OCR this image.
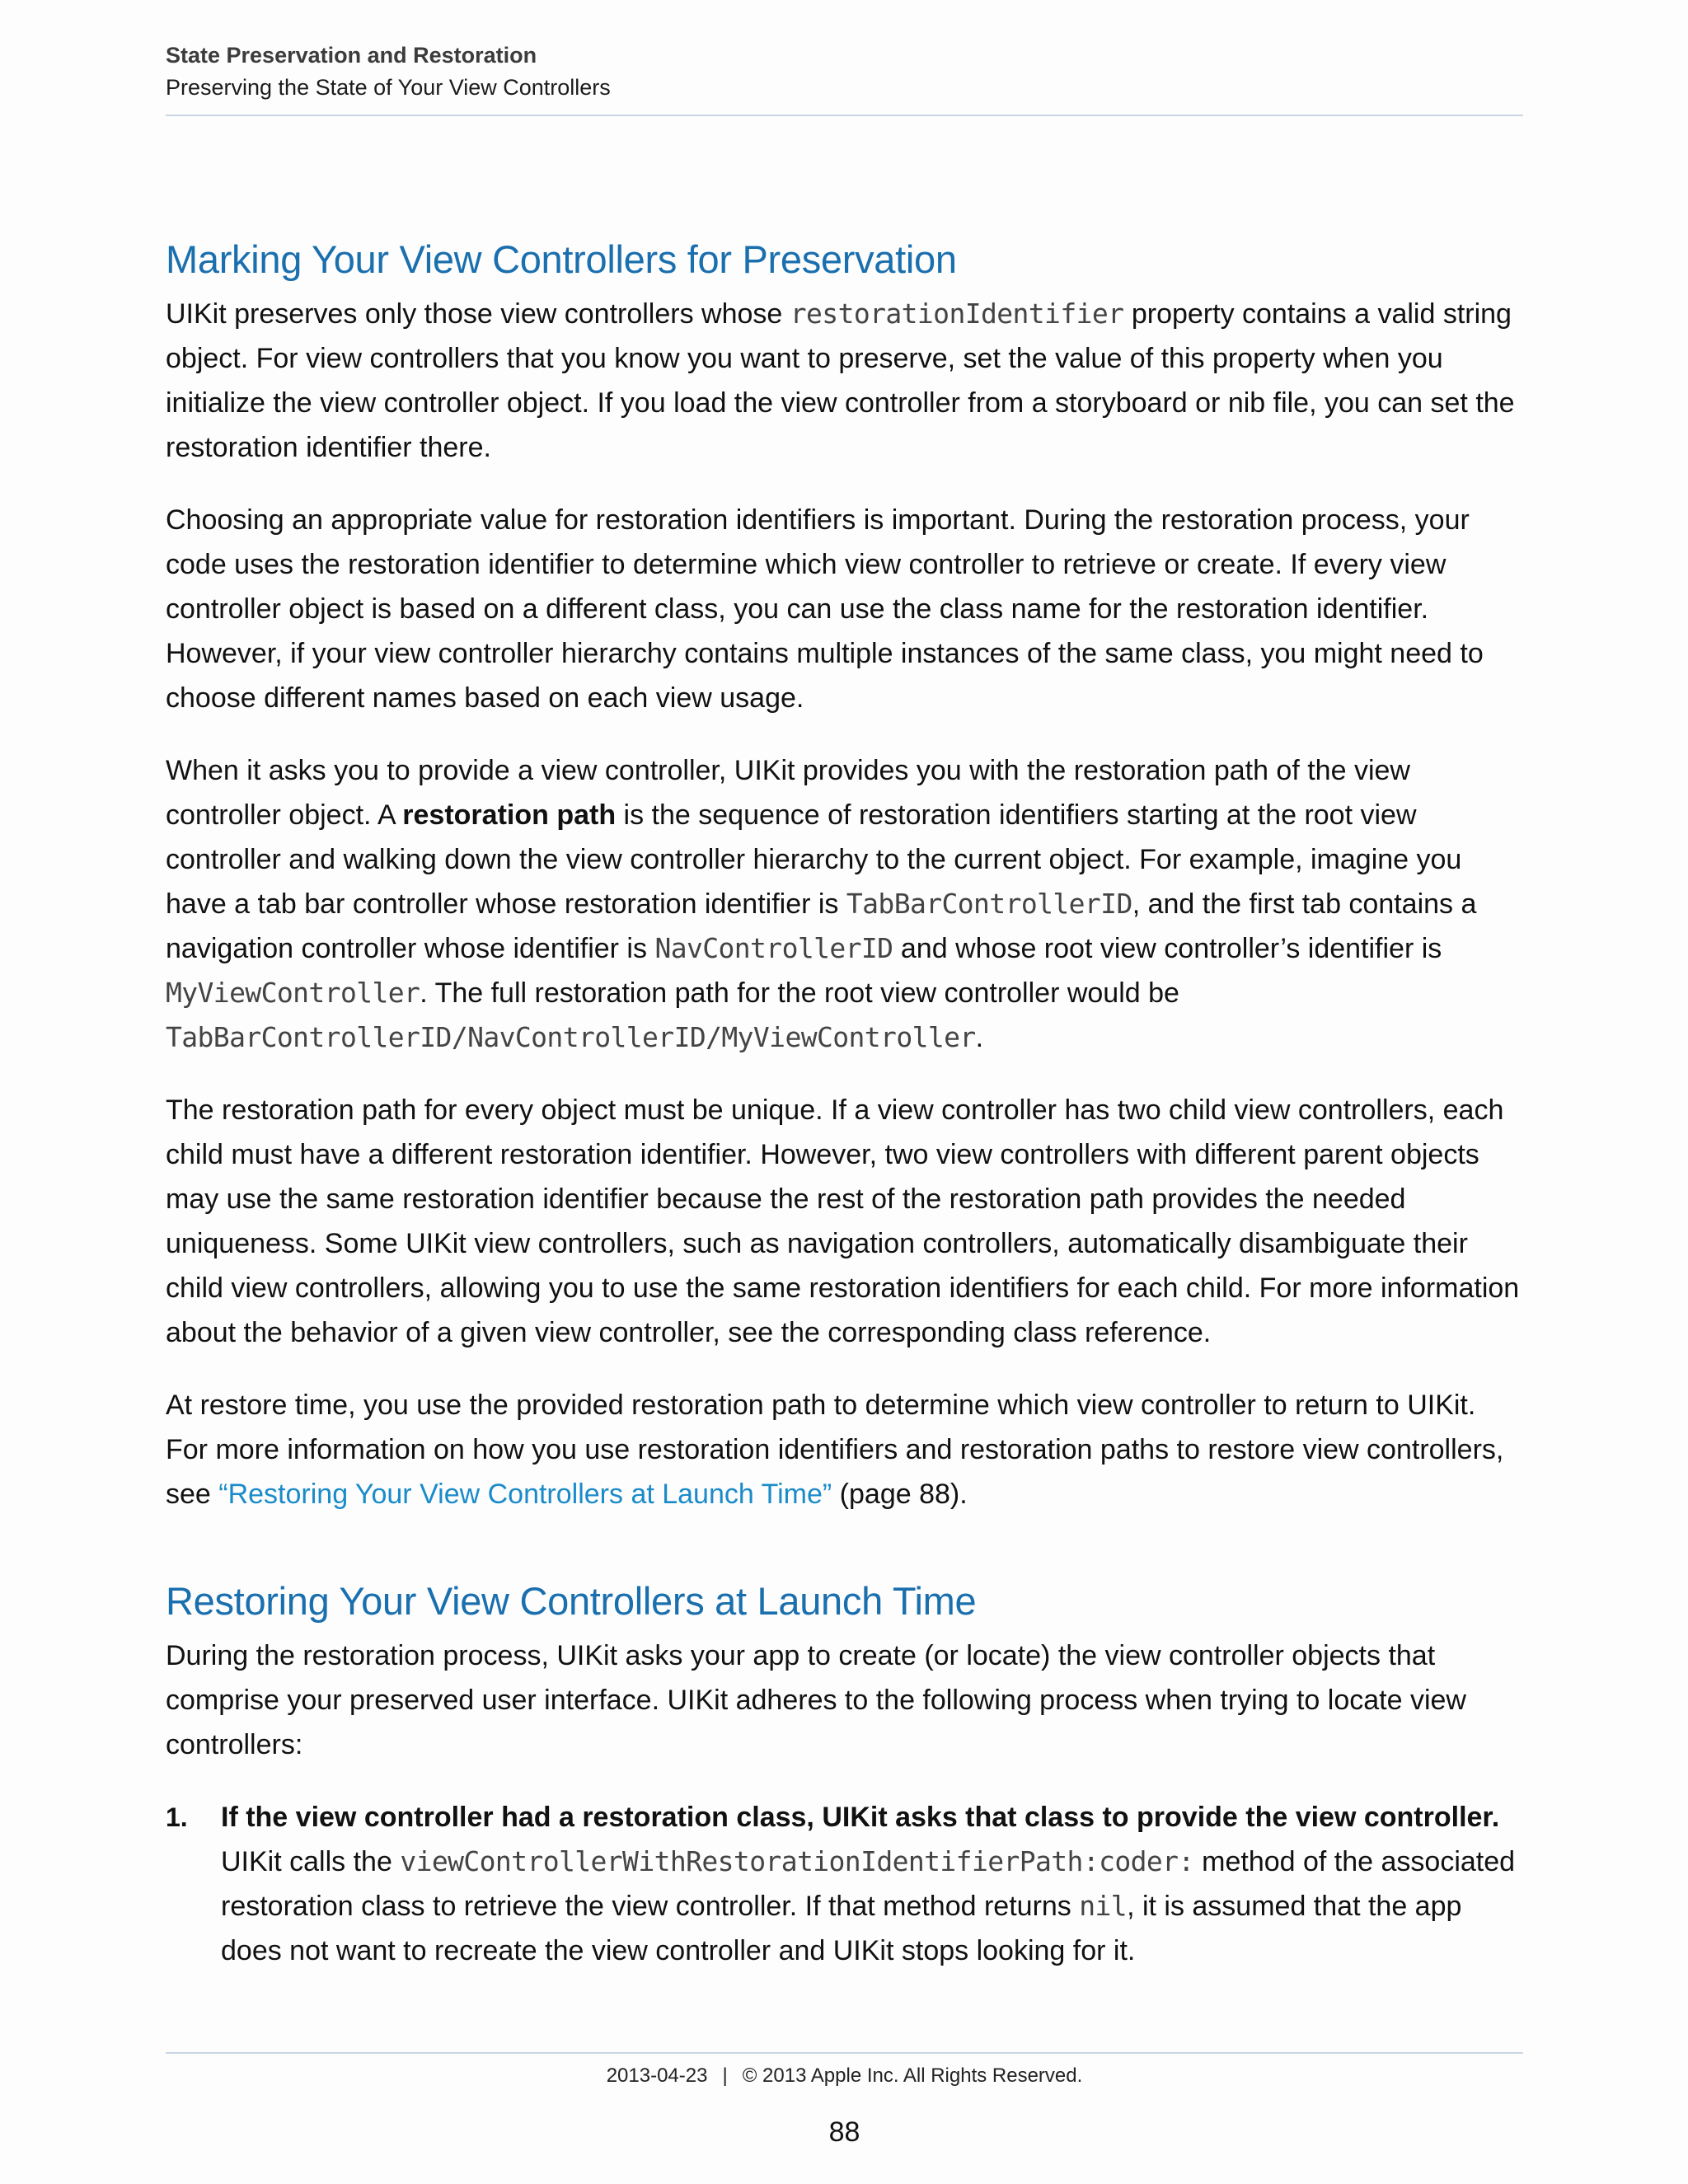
State Preservation and Restoration
Preserving the State of Your View Controllers
Marking Your View Controllers for Preservation

UIKit preserves only those view controllers whose restorationIdentifier property contains a valid string object. For view controllers that you know you want to preserve, set the value of this property when you initialize the view controller object. If you load the view controller from a storyboard or nib file, you can set the restoration identifier there.

Choosing an appropriate value for restoration identifiers is important. During the restoration process, your code uses the restoration identifier to determine which view controller to retrieve or create. If every view controller object is based on a different class, you can use the class name for the restoration identifier. However, if your view controller hierarchy contains multiple instances of the same class, you might need to choose different names based on each view usage.

When it asks you to provide a view controller, UIKit provides you with the restoration path of the view controller object. A restoration path is the sequence of restoration identifiers starting at the root view controller and walking down the view controller hierarchy to the current object. For example, imagine you have a tab bar controller whose restoration identifier is TabBarControllerID, and the first tab contains a navigation controller whose identifier is NavControllerID and whose root view controller’s identifier is MyViewController. The full restoration path for the root view controller would be TabBarControllerID/NavControllerID/MyViewController.

The restoration path for every object must be unique. If a view controller has two child view controllers, each child must have a different restoration identifier. However, two view controllers with different parent objects may use the same restoration identifier because the rest of the restoration path provides the needed uniqueness. Some UIKit view controllers, such as navigation controllers, automatically disambiguate their child view controllers, allowing you to use the same restoration identifiers for each child. For more information about the behavior of a given view controller, see the corresponding class reference.

At restore time, you use the provided restoration path to determine which view controller to return to UIKit. For more information on how you use restoration identifiers and restoration paths to restore view controllers, see “Restoring Your View Controllers at Launch Time” (page 88).

Restoring Your View Controllers at Launch Time

During the restoration process, UIKit asks your app to create (or locate) the view controller objects that comprise your preserved user interface. UIKit adheres to the following process when trying to locate view controllers:

1. If the view controller had a restoration class, UIKit asks that class to provide the view controller. UIKit calls the viewControllerWithRestorationIdentifierPath:coder: method of the associated restoration class to retrieve the view controller. If that method returns nil, it is assumed that the app does not want to recreate the view controller and UIKit stops looking for it.

2013-04-23 | © 2013 Apple Inc. All Rights Reserved.
88
